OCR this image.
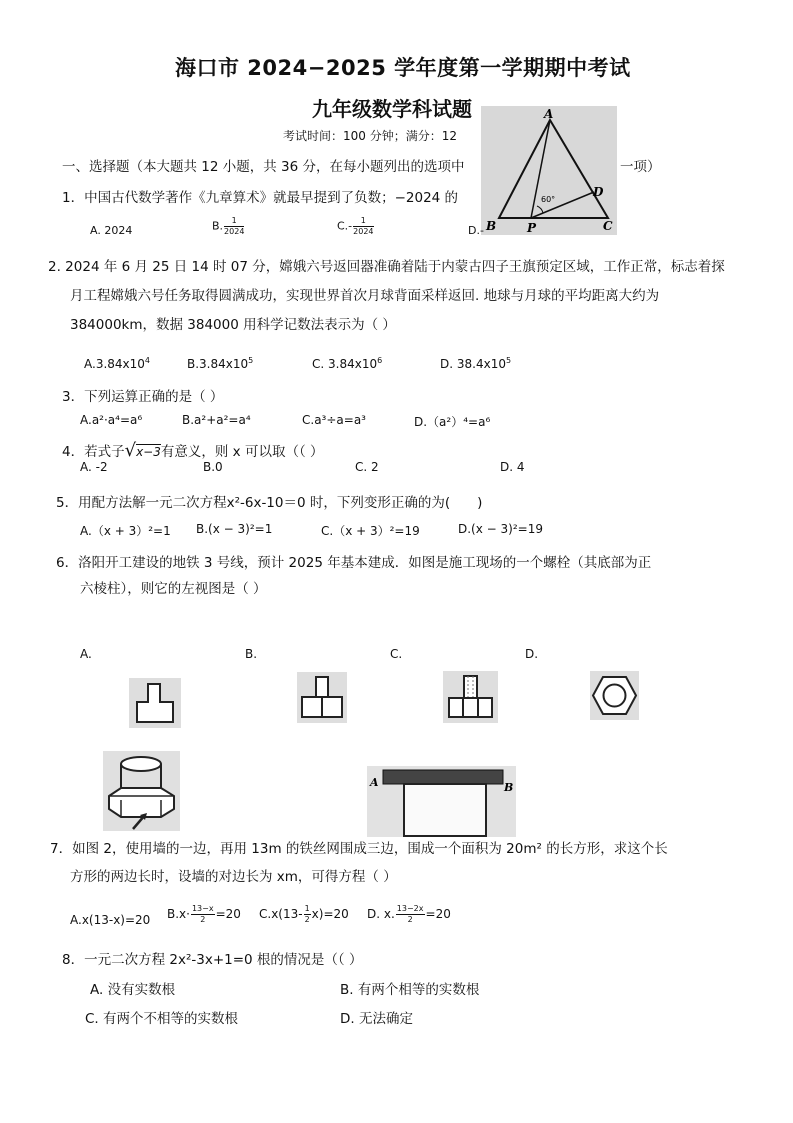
海口市 2024−2025 学年度第一学期期中考试
九年级数学科试题
考试时间：100 分钟；满分：12
一、选择题（本大题共 12 小题，共 36 分，在每小题列出的选项中	一项）
A
B	P	C
D
60°
1．中国古代数学著作《九章算术》就最早提到了负数；−2024 的
A. 2024	B. $\frac{1}{2024}$	$C.- \frac{1}{2024}$	D.-
2. 2024 年 6 月 25 日 14 时 07 分，嫦娥六号返回器准确着陆于内蒙古四子王旗预定区域，工作正常，标志着探
月工程嫦娥六号任务取得圆满成功，实现世界首次月球背面采样返回. 地球与月球的平均距离大约为
384000km，数据 384000 用科学记数法表示为（ ）
$A.3.84x10^4$	$B.3.84x10^5$	C. $3.84x10^6$	D. $38.4x10^5$
3．下列运算正确的是（ ）
A.a²·a⁴=a⁶	B.a²+a²=a⁴	C.a³÷a=a³	D.（a²）⁴=a⁶
4．若式子√x−3有意义，则 x 可以取（（ ）
A. -2	B.0	C. 2	D. 4
5．用配方法解一元二次方程x²-6x-10＝0 时，下列变形正确的为(　　)
A.（x + 3）²=1 B.(x − 3)²=1	C.（x + 3）²=19	D.(x − 3)²=19
6．洛阳开工建设的地铁 3 号线，预计 2025 年基本建成．如图是施工现场的一个螺栓（其底部为正
六棱柱），则它的左视图是（ ）
A.	B.	C.	D.
A	B
7．如图 2，使用墙的一边，再用 13m 的铁丝网围成三边，围成一个面积为 20m² 的长方形，求这个长
方形的两边长时，设墙的对边长为 xm，可得方程（ ）
A.x(13-x)=20 $B.x\cdot \frac{13-x}{2} =20$ $C.x(13- \frac{1}{2} x)=20$ D. x. $\frac{13-2x}{2} =20$
8．一元二次方程 2x²-3x+1=0 根的情况是（（ ）
A. 没有实数根	B. 有两个相等的实数根
C. 有两个不相等的实数根	D. 无法确定
